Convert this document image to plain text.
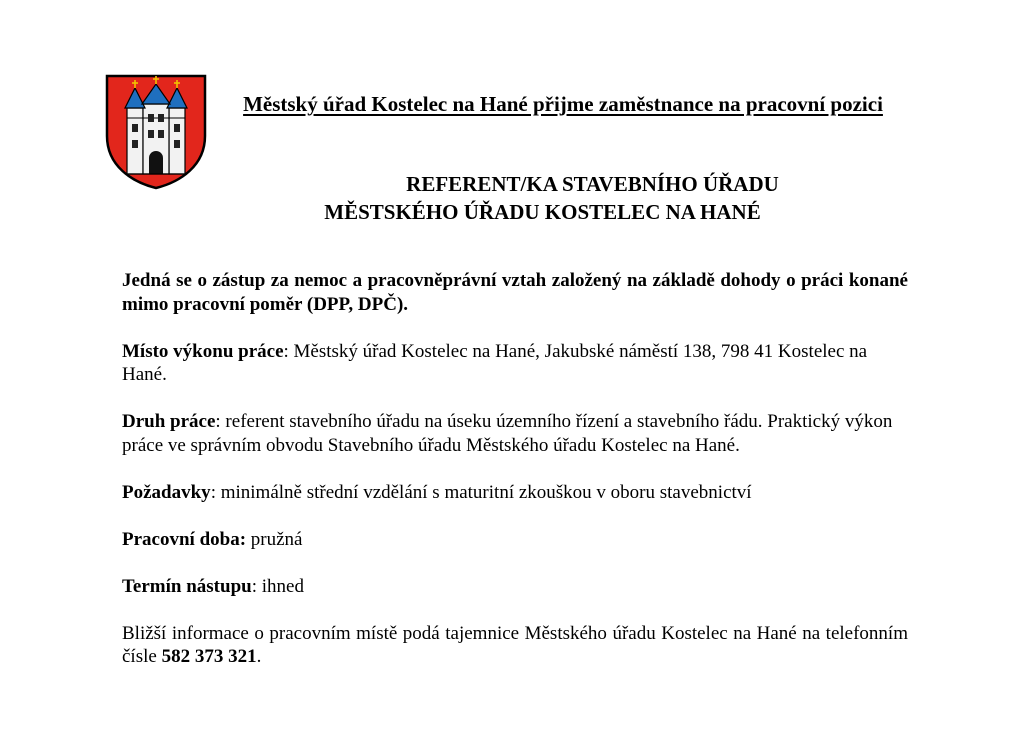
Městský úřad Kostelec na Hané přijme zaměstnance na pracovní pozici
REFERENT/KA STAVEBNÍHO ÚŘADU
MĚSTSKÉHO ÚŘADU KOSTELEC NA HANÉ

Jedná se o zástup za nemoc a pracovněprávní vztah založený na základě dohody o práci konané mimo pracovní poměr (DPP, DPČ).

Místo výkonu práce: Městský úřad Kostelec na Hané, Jakubské náměstí 138, 798 41 Kostelec na Hané.

Druh práce: referent stavebního úřadu na úseku územního řízení a stavebního řádu. Praktický výkon práce ve správním obvodu Stavebního úřadu Městského úřadu Kostelec na Hané.

Požadavky: minimálně střední vzdělání s maturitní zkouškou v oboru stavebnictví

Pracovní doba: pružná

Termín nástupu: ihned

Bližší informace o pracovním místě podá tajemnice Městského úřadu Kostelec na Hané na telefonním čísle 582 373 321.
